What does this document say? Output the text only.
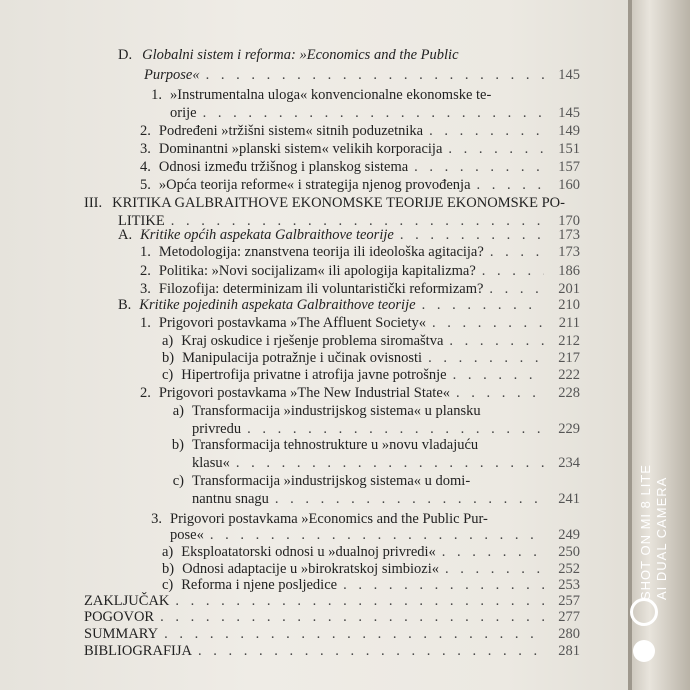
D. Globalni sistem i reforma: »Economics and the Public
Purpose« . . .	145
1. »Instrumentalna uloga« konvencionalne ekonomske te-
orije . . .	145
2. Podređeni »tržišni sistem« sitnih poduzetnika . . .	149
3. Dominantni »planski sistem« velikih korporacija . . .	151
4. Odnosi između tržišnog i planskog sistema . . .	157
5. »Opća teorija reforme« i strategija njenog provođenja . . .	160
III. KRITIKA GALBRAITHOVE EKONOMSKE TEORIJE EKONOMSKE PO-
LITIKE . . .	170
A. Kritike općih aspekata Galbraithove teorije . . .	173
1. Metodologija: znanstvena teorija ili ideološka agitacija? . . .	173
2. Politika: »Novi socijalizam« ili apologija kapitalizma? . . .	186
3. Filozofija: determinizam ili voluntaristički reformizam? . . .	201
B. Kritike pojedinih aspekata Galbraithove teorije . . .	210
1. Prigovori postavkama »The Affluent Society« . . .	211
a) Kraj oskudice i rješenje problema siromaštva . . .	212
b) Manipulacija potražnje i učinak ovisnosti . . .	217
c) Hipertrofija privatne i atrofija javne potrošnje . . .	222
2. Prigovori postavkama »The New Industrial State« . . .	228
a) Transformacija »industrijskog sistema« u plansku
privredu . . .	229
b) Transformacija tehnostrukture u »novu vladajuću
klasu« . . .	234
c) Transformacija »industrijskog sistema« u domi-
nantnu snagu . . .	241
3. Prigovori postavkama »Economics and the Public Pur-
pose« . . .	249
a) Eksploatatorski odnosi u »dualnoj privredi« . . .	250
b) Odnosi adaptacije u »birokratskoj simbiozi« . . .	252
c) Reforma i njene posljedice . . .	253
ZAKLJUČAK . . .	257
POGOVOR . . .	277
SUMMARY . . .	280
BIBLIOGRAFIJA . . .	281
SHOT ON MI 8 LITE AI DUAL CAMERA
